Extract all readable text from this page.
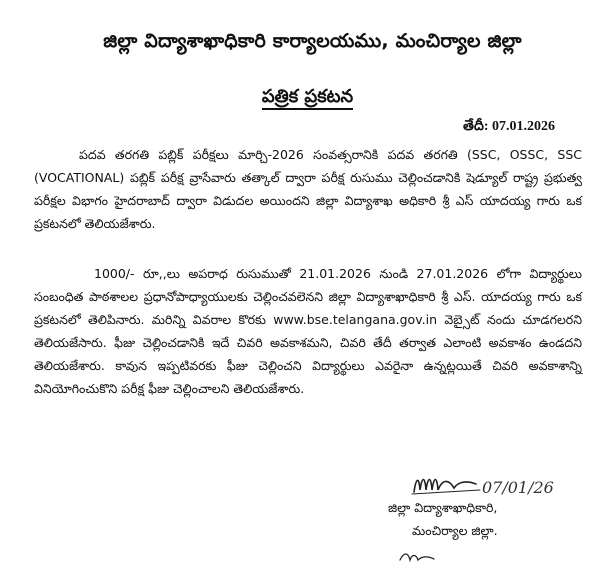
జిల్లా విద్యాశాఖాధికారి కార్యాలయము, మంచిర్యాల జిల్లా
పత్రిక ప్రకటన
తేదీ: 07.01.2026
పదవ తరగతి పబ్లిక్ పరీక్షలు మార్చి-2026 సంవత్సరానికి పదవ తరగతి (SSC, OSSC, SSC (VOCATIONAL) పబ్లిక్ పరీక్ష వ్రాసేవారు తత్కాల్ ద్వారా పరీక్ష రుసుము చెల్లించడానికి షెడ్యూల్ రాష్ట్ర ప్రభుత్వ పరీక్షల విభాగం హైదరాబాద్ ద్వారా విడుదల అయిందని జిల్లా విద్యాశాఖ అధికారి శ్రీ ఎస్ యాదయ్య గారు ఒక ప్రకటనలో తెలియజేశారు.
1000/- రూ,,లు అపరాధ రుసుముతో 21.01.2026 నుండి 27.01.2026 లోగా విద్యార్థులు సంబంధిత పాఠశాలల ప్రధానోపాధ్యాయులకు చెల్లించవలెనని జిల్లా విద్యాశాఖాధికారి శ్రీ ఎస్. యాదయ్య గారు ఒక ప్రకటనలో తెలిపినారు. మరిన్ని వివరాల కొరకు www.bse.telangana.gov.in వెబ్సైట్ నందు చూడగలరని తెలియజేసారు. ఫీజు చెల్లించడానికి ఇదే చివరి అవకాశమని, చివరి తేదీ తర్వాత ఎలాంటి అవకాశం ఉండదని తెలియజేశారు. కావున ఇప్పటివరకు ఫీజు చెల్లించని విద్యార్థులు ఎవరైనా ఉన్నట్లయితే చివరి అవకాశాన్ని వినియోగించుకొని పరీక్ష ఫీజు చెల్లించాలని తెలియజేశారు.
07/01/26
జిల్లా విద్యాశాఖాధికారి,
మంచిర్యాల జిల్లా.
